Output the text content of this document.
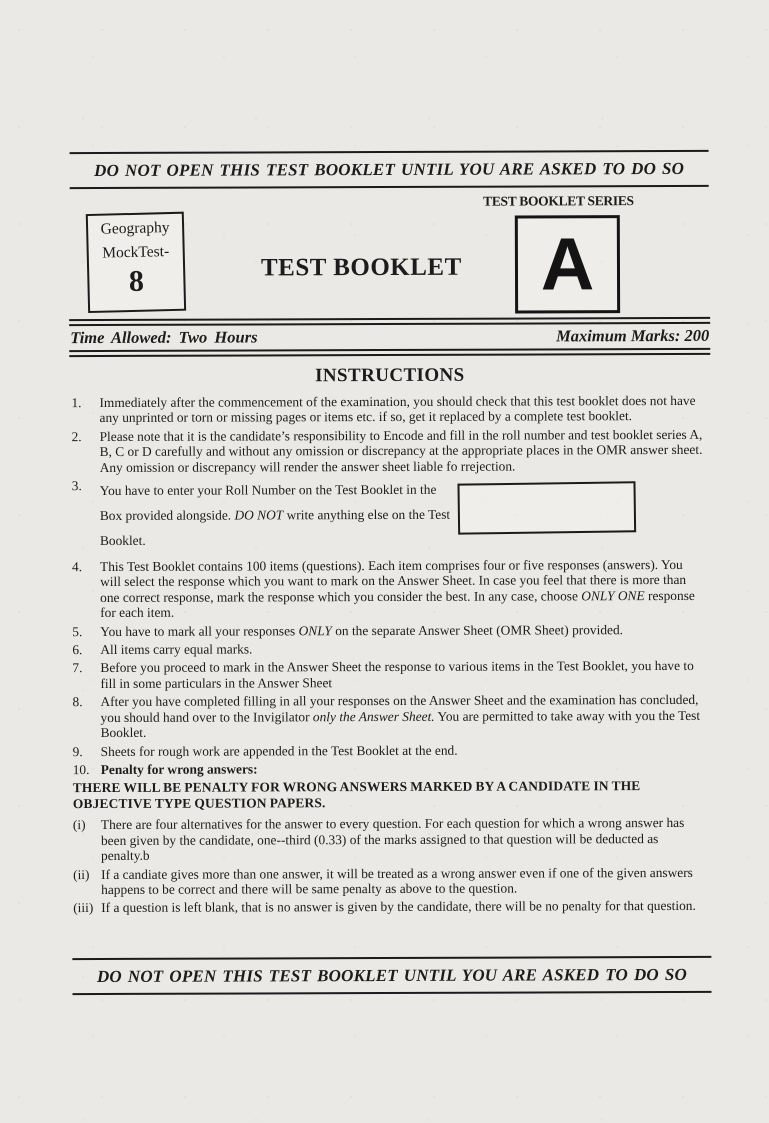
DO NOT OPEN THIS TEST BOOKLET UNTIL YOU ARE ASKED TO DO SO
TEST BOOKLET SERIES
Geography
MockTest-
8	TEST BOOKLET A
Time Allowed: Two Hours	Maximum Marks: 200
INSTRUCTIONS
1.	Immediately after the commencement of the examination, you should check that this test booklet does not have any unprinted or torn or missing pages or items etc. if so, get it replaced by a complete test booklet.
2.	Please note that it is the candidate’s responsibility to Encode and fill in the roll number and test booklet series A, B, C or D carefully and without any omission or discrepancy at the appropriate places in the OMR answer sheet. Any omission or discrepancy will render the answer sheet liable fo rrejection.
3.	You have to enter your Roll Number on the Test Booklet in the Box provided alongside. DO NOT write anything else on the Test Booklet.
4.	This Test Booklet contains 100 items (questions). Each item comprises four or five responses (answers). You will select the response which you want to mark on the Answer Sheet. In case you feel that there is more than one correct response, mark the response which you consider the best. In any case, choose ONLY ONE response for each item.
5.	You have to mark all your responses ONLY on the separate Answer Sheet (OMR Sheet) provided.
6.	All items carry equal marks.
7.	Before you proceed to mark in the Answer Sheet the response to various items in the Test Booklet, you have to fill in some particulars in the Answer Sheet
8.	After you have completed filling in all your responses on the Answer Sheet and the examination has concluded, you should hand over to the Invigilator only the Answer Sheet. You are permitted to take away with you the Test Booklet.
9.	Sheets for rough work are appended in the Test Booklet at the end.
10. Penalty for wrong answers:
THERE WILL BE PENALTY FOR WRONG ANSWERS MARKED BY A CANDIDATE IN THE OBJECTIVE TYPE QUESTION PAPERS.
(i)	There are four alternatives for the answer to every question. For each question for which a wrong answer has been given by the candidate, one--third (0.33) of the marks assigned to that question will be deducted as penalty.b
(ii) If a candiate gives more than one answer, it will be treated as a wrong answer even if one of the given answers happens to be correct and there will be same penalty as above to the question.
(iii) If a question is left blank, that is no answer is given by the candidate, there will be no penalty for that question.
DO NOT OPEN THIS TEST BOOKLET UNTIL YOU ARE ASKED TO DO SO
